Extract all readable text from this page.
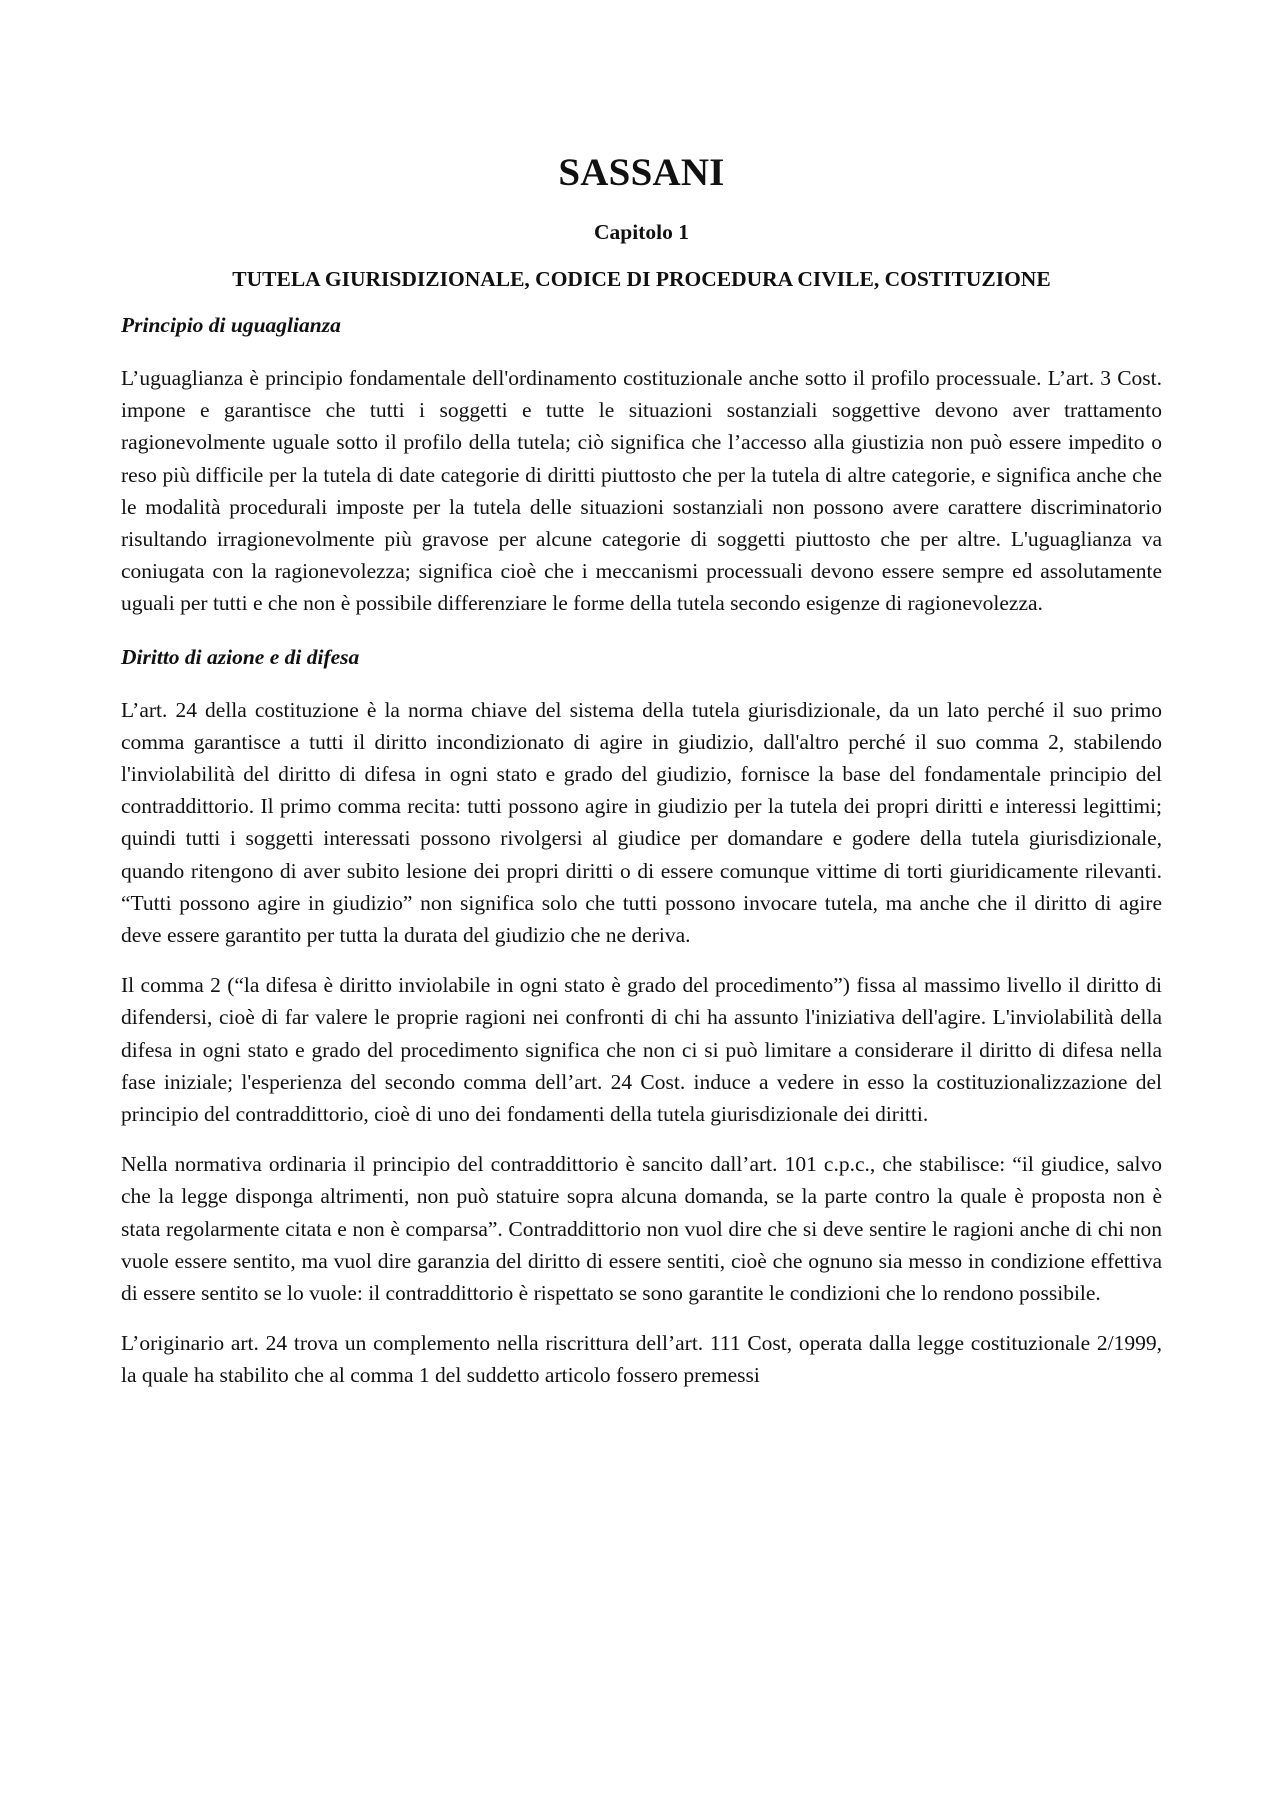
SASSANI
Capitolo 1
TUTELA GIURISDIZIONALE, CODICE DI PROCEDURA CIVILE, COSTITUZIONE
Principio di uguaglianza

L’uguaglianza è principio fondamentale dell'ordinamento costituzionale anche sotto il profilo processuale. L’art. 3 Cost. impone e garantisce che tutti i soggetti e tutte le situazioni sostanziali soggettive devono aver trattamento ragionevolmente uguale sotto il profilo della tutela; ciò significa che l’accesso alla giustizia non può essere impedito o reso più difficile per la tutela di date categorie di diritti piuttosto che per la tutela di altre categorie, e significa anche che le modalità procedurali imposte per la tutela delle situazioni sostanziali non possono avere carattere discriminatorio risultando irragionevolmente più gravose per alcune categorie di soggetti piuttosto che per altre. L'uguaglianza va coniugata con la ragionevolezza; significa cioè che i meccanismi processuali devono essere sempre ed assolutamente uguali per tutti e che non è possibile differenziare le forme della tutela secondo esigenze di ragionevolezza.

Diritto di azione e di difesa

L’art. 24 della costituzione è la norma chiave del sistema della tutela giurisdizionale, da un lato perché il suo primo comma garantisce a tutti il diritto incondizionato di agire in giudizio, dall'altro perché il suo comma 2, stabilendo l'inviolabilità del diritto di difesa in ogni stato e grado del giudizio, fornisce la base del fondamentale principio del contraddittorio. Il primo comma recita: tutti possono agire in giudizio per la tutela dei propri diritti e interessi legittimi; quindi tutti i soggetti interessati possono rivolgersi al giudice per domandare e godere della tutela giurisdizionale, quando ritengono di aver subito lesione dei propri diritti o di essere comunque vittime di torti giuridicamente rilevanti. “Tutti possono agire in giudizio” non significa solo che tutti possono invocare tutela, ma anche che il diritto di agire deve essere garantito per tutta la durata del giudizio che ne deriva.

Il comma 2 (“la difesa è diritto inviolabile in ogni stato è grado del procedimento”) fissa al massimo livello il diritto di difendersi, cioè di far valere le proprie ragioni nei confronti di chi ha assunto l'iniziativa dell'agire. L'inviolabilità della difesa in ogni stato e grado del procedimento significa che non ci si può limitare a considerare il diritto di difesa nella fase iniziale; l'esperienza del secondo comma dell’art. 24 Cost. induce a vedere in esso la costituzionalizzazione del principio del contraddittorio, cioè di uno dei fondamenti della tutela giurisdizionale dei diritti.

Nella normativa ordinaria il principio del contraddittorio è sancito dall’art. 101 c.p.c., che stabilisce: “il giudice, salvo che la legge disponga altrimenti, non può statuire sopra alcuna domanda, se la parte contro la quale è proposta non è stata regolarmente citata e non è comparsa”. Contraddittorio non vuol dire che si deve sentire le ragioni anche di chi non vuole essere sentito, ma vuol dire garanzia del diritto di essere sentiti, cioè che ognuno sia messo in condizione effettiva di essere sentito se lo vuole: il contraddittorio è rispettato se sono garantite le condizioni che lo rendono possibile.

L’originario art. 24 trova un complemento nella riscrittura dell’art. 111 Cost, operata dalla legge costituzionale 2/1999, la quale ha stabilito che al comma 1 del suddetto articolo fossero premessi
